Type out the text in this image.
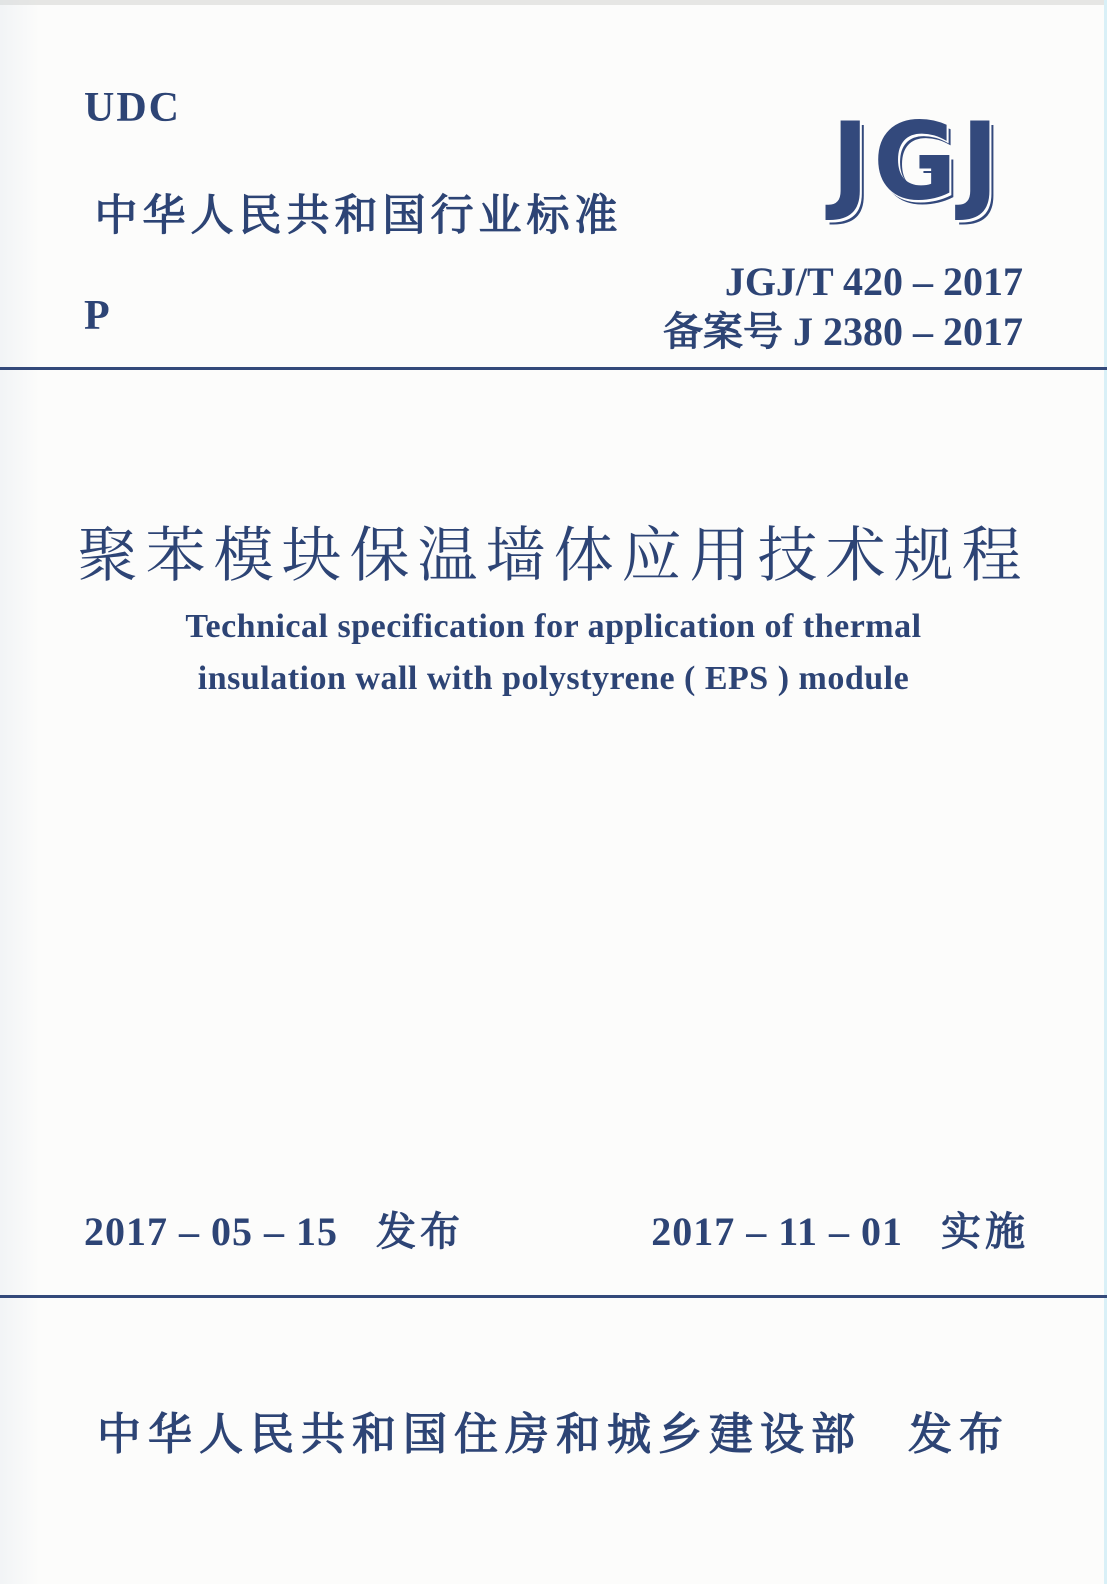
UDC
中华人民共和国行业标准	JGJ
JGJ/T 420 – 2017
备案号 J 2380 – 2017
P
聚苯模块保温墙体应用技术规程
Technical specification for application of thermal
insulation wall with polystyrene ( EPS ) module
2017 – 05 – 15 发布	2017 – 11 – 01 实施
中华人民共和国住房和城乡建设部 发布
